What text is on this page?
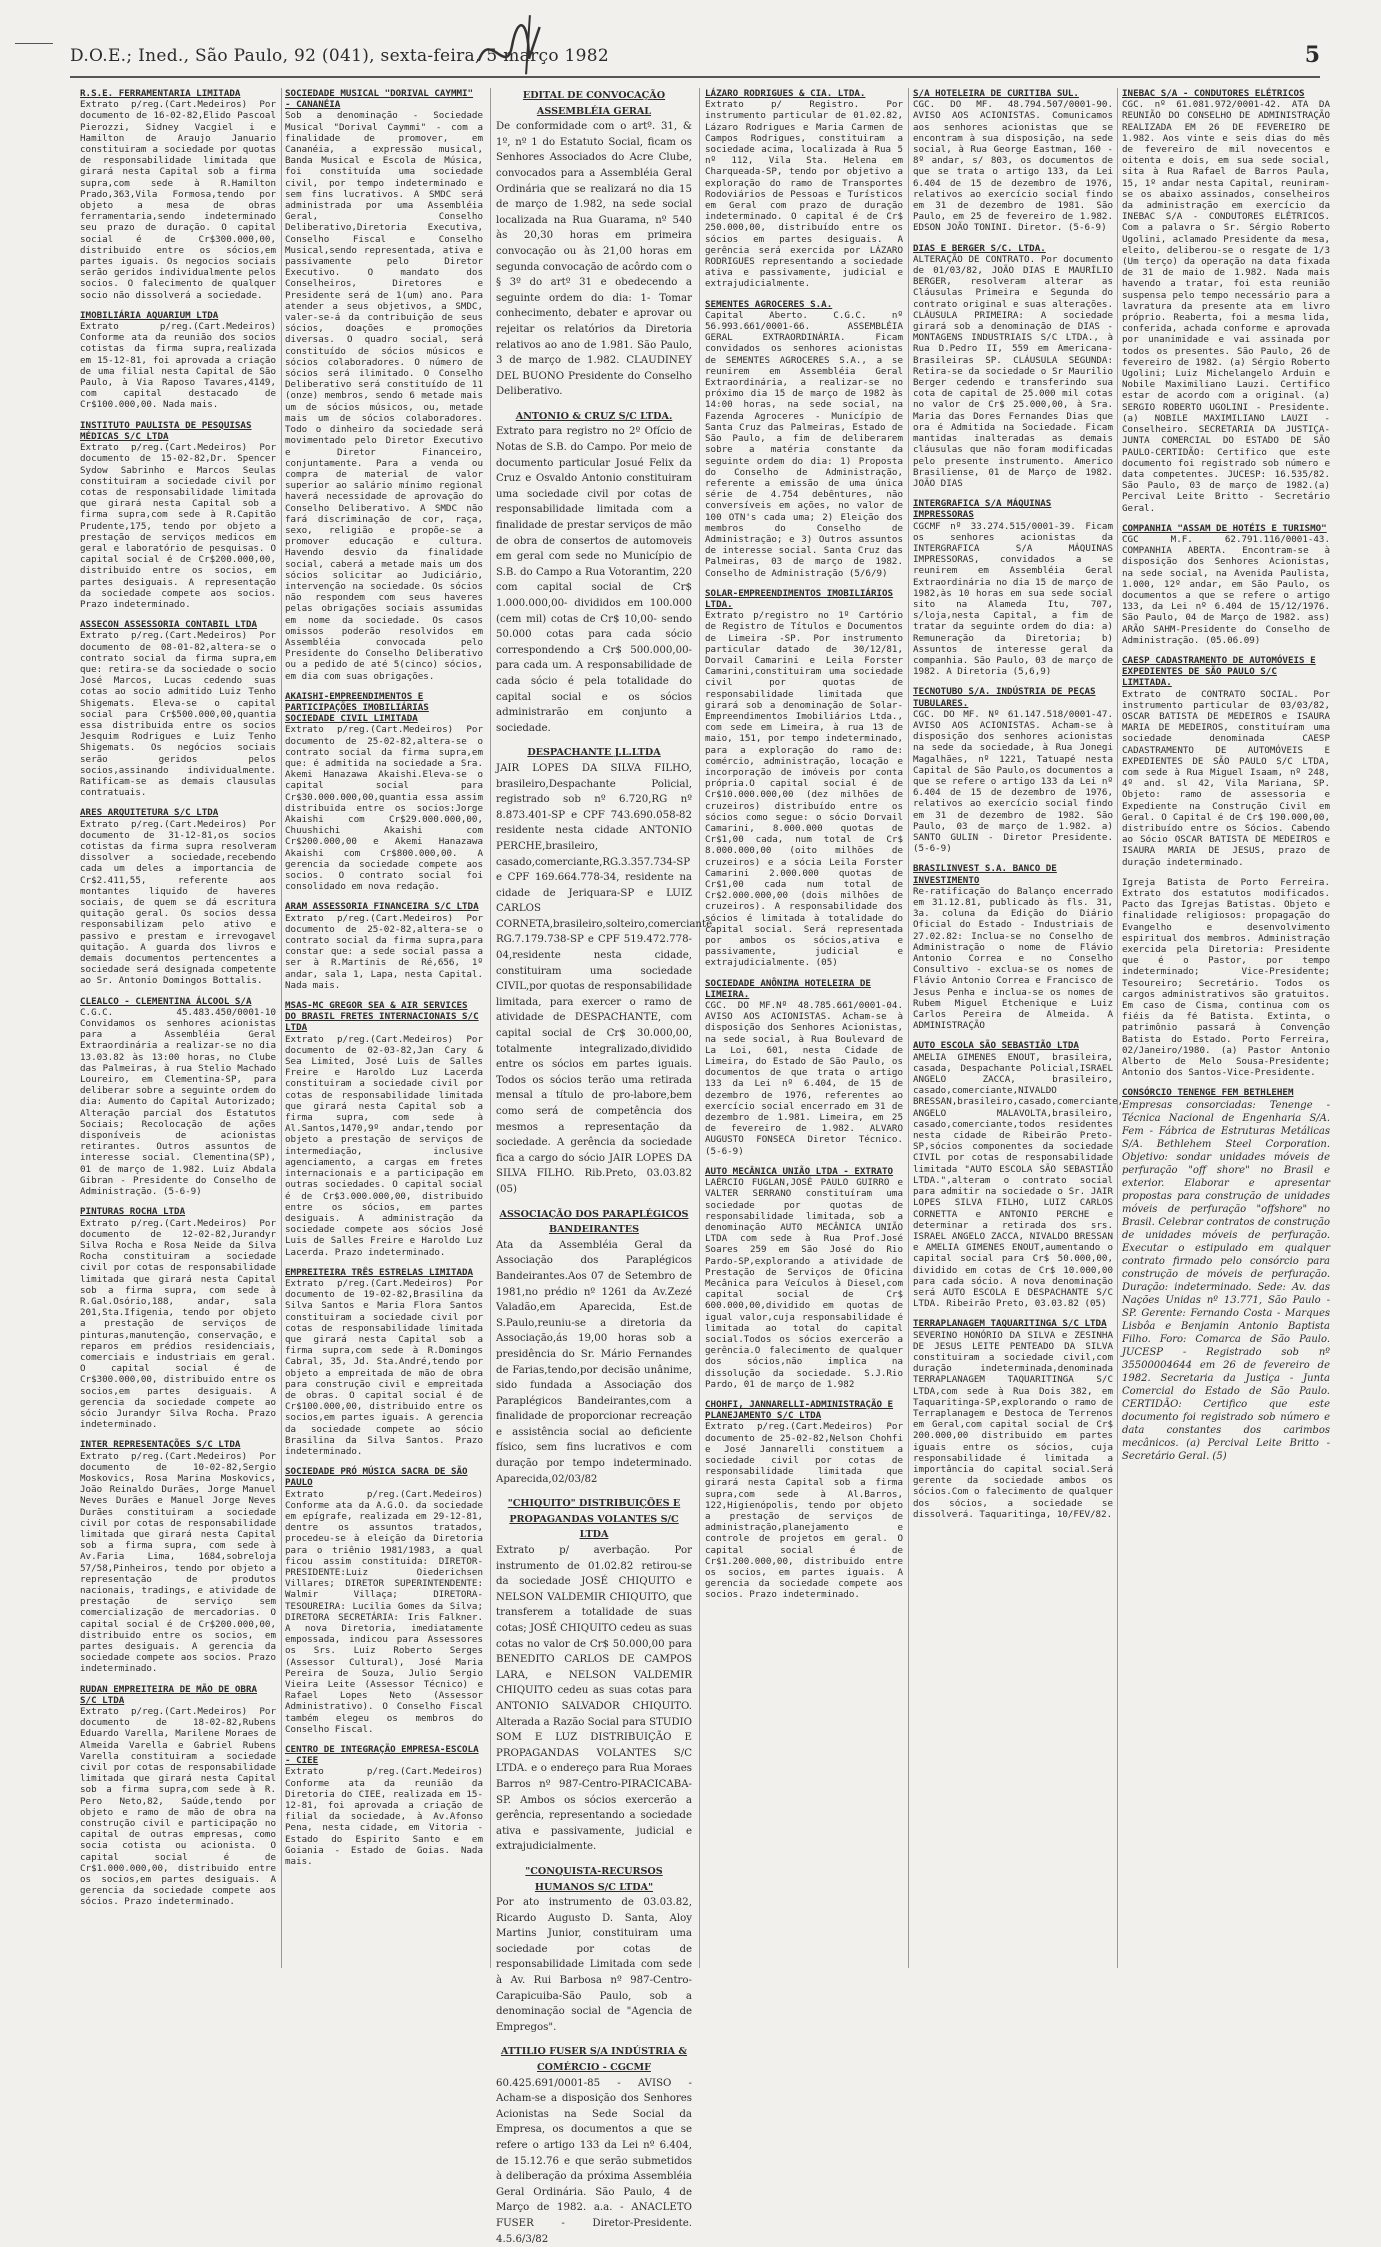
D.O.E.; Ined., São Paulo, 92 (041), sexta-feira, 5 março 1982	5
R.S.E. FERRAMENTARIA LIMITADA
Extrato p/reg.(Cart.Medeiros) Por documento de 16-02-82,Elido Pascoal Pierozzi, Sidney Vacgiel i e Hamilton de Araujo Januario constituiram a sociedade por quotas de responsabilidade limitada que girará nesta Capital sob a firma supra,com sede à R.Hamilton Prado,363,Vila Formosa,tendo por objeto a mesa de obras ferramentaria,sendo indeterminado seu prazo de duração. O capital social é de Cr$300.000,00, distribuido entre os sócios,em partes iguais. Os negocios sociais serão geridos individualmente pelos socios. O falecimento de qualquer socio não dissolverá a sociedade.
IMOBILIÁRIA AQUARIUM LTDA
Extrato p/reg.(Cart.Medeiros) Conforme ata da reunião dos socios cotistas da firma supra,realizada em 15-12-81, foi aprovada a criação de uma filial nesta Capital de São Paulo, à Via Raposo Tavares,4149, com capital destacado de Cr$100.000,00. Nada mais.
INSTITUTO PAULISTA DE PESQUISAS MÉDICAS S/C LTDA
Extrato p/reg.(Cart.Medeiros) Por documento de 15-02-82,Dr. Spencer Sydow Sabrinho e Marcos Seulas constituiram a sociedade civil por cotas de responsabilidade limitada que girará nesta Capital sob a firma supra,com sede à R.Capitão Prudente,175, tendo por objeto a prestação de serviços medicos em geral e laboratório de pesquisas. O capital social é de Cr$200.000,00, distribuido entre os socios, em partes desiguais. A representação da sociedade compete aos socios. Prazo indeterminado.
ASSECON ASSESSORIA CONTABIL LTDA
Extrato p/reg.(Cart.Medeiros) Por documento de 08-01-82,altera-se o contrato social da firma supra,em que: retira-se da sociedade o socio José Marcos, Lucas cedendo suas cotas ao socio admitido Luiz Tenho Shigemats. Eleva-se o capital social para Cr$500.000,00,quantia essa distribuida entre os socios Jesquim Rodrigues e Luiz Tenho Shigemats. Os negócios sociais serão geridos pelos socios,assinando individualmente. Ratificam-se as demais clausulas contratuais.
ARES ARQUITETURA S/C LTDA
Extrato p/reg.(Cart.Medeiros) Por documento de 31-12-81,os socios cotistas da firma supra resolveram dissolver a sociedade,recebendo cada um deles a importancia de Cr$2.411,55, referente aos montantes liquido de haveres sociais, de quem se dá escritura quitação geral. Os socios dessa responsabilizam pelo ativo e passivo e prestam e irrevogavel quitação. A guarda dos livros e demais documentos pertencentes a sociedade será designada competente ao Sr. Antonio Domingos Bottalis.
CLEALCO - CLEMENTINA ÁLCOOL S/A
C.G.C. 45.483.450/0001-10 Convidamos os senhores acionistas para a Assembléia Geral Extraordinária a realizar-se no dia 13.03.82 às 13:00 horas, no Clube das Palmeiras, à rua Stelio Machado Loureiro, em Clementina-SP, para deliberar sobre a seguinte ordem do dia: Aumento do Capital Autorizado; Alteração parcial dos Estatutos Sociais; Recolocação de ações disponíveis de acionistas retirantes. Outros assuntos de interesse social. Clementina(SP), 01 de março de 1.982. Luiz Abdala Gibran - Presidente do Conselho de Administração. (5-6-9)
PINTURAS ROCHA LTDA
Extrato p/reg.(Cart.Medeiros) Por documento de 12-02-82,Jurandyr Silva Rocha e Rosa Neide da Silva Rocha constituiram a sociedade civil por cotas de responsabilidade limitada que girará nesta Capital sob a firma supra, com sede à R.Gal.Osório,188, andar, sala 201,Sta.Ifigenia, tendo por objeto a prestação de serviços de pinturas,manutenção, conservação, e reparos em prédios residenciais, comerciais e industriais em geral. O capital social é de Cr$300.000,00, distribuido entre os socios,em partes desiguais. A gerencia da sociedade compete ao sócio Jurandyr Silva Rocha. Prazo indeterminado.
INTER REPRESENTAÇÕES S/C LTDA
Extrato p/reg.(Cart.Medeiros) Por documento de 10-02-82,Sergio Moskovics, Rosa Marina Moskovics, João Reinaldo Durães, Jorge Manuel Neves Durães e Manuel Jorge Neves Durães constituiram a sociedade civil por cotas de responsabilidade limitada que girará nesta Capital sob a firma supra, com sede à Av.Faria Lima, 1684,sobreloja 57/58,Pinheiros, tendo por objeto a representação de produtos nacionais, tradings, e atividade de prestação de serviço sem comercialização de mercadorias. O capital social é de Cr$200.000,00, distribuido entre os socios, em partes desiguais. A gerencia da sociedade compete aos socios. Prazo indeterminado.
RUDAN EMPREITEIRA DE MÃO DE OBRA S/C LTDA
Extrato p/reg.(Cart.Medeiros) Por documento de 18-02-82,Rubens Eduardo Varella, Marilene Moraes de Almeida Varella e Gabriel Rubens Varella constituiram a sociedade civil por cotas de responsabilidade limitada que girará nesta Capital sob a firma supra,com sede à R. Pero Neto,82, Saúde,tendo por objeto e ramo de mão de obra na construção civil e participação no capital de outras empresas, como socia cotista ou acionista. O capital social é de Cr$1.000.000,00, distribuido entre os socios,em partes desiguais. A gerencia da sociedade compete aos sócios. Prazo indeterminado.
SOCIEDADE MUSICAL "DORIVAL CAYMMI" - CANANÉIA
Sob a denominação - Sociedade Musical "Dorival Caymmi" - com a finalidade de promover, em Cananéia, a expressão musical, Banda Musical e Escola de Música, foi constituída uma sociedade civil, por tempo indeterminado e sem fins lucrativos. A SMDC será administrada por uma Assembléia Geral, Conselho Deliberativo,Diretoria Executiva, Conselho Fiscal e Conselho Musical,sendo representada, ativa e passivamente pelo Diretor Executivo. O mandato dos Conselheiros, Diretores e Presidente será de 1(um) ano. Para atender a seus objetivos, a SMDC, valer-se-á da contribuição de seus sócios, doações e promoções diversas. O quadro social, será constituído de sócios músicos e sócios colaboradores. O número de sócios será ilimitado. O Conselho Deliberativo será constituído de 11 (onze) membros, sendo 6 metade mais um de sócios músicos, ou, metade mais um de sócios colaboradores. Todo o dinheiro da sociedade será movimentado pelo Diretor Executivo e Diretor Financeiro, conjuntamente. Para a venda ou compra de material de valor superior ao salário mínimo regional haverá necessidade de aprovação do Conselho Deliberativo. A SMDC não fará discriminação de cor, raça, sexo, religião e propõe-se a promover educação e cultura. Havendo desvio da finalidade social, caberá a metade mais um dos sócios solicitar ao Judiciário, intervenção na sociedade. Os sócios não respondem com seus haveres pelas obrigações sociais assumidas em nome da sociedade. Os casos omissos poderão resolvidos em Assembléia convocada pelo Presidente do Conselho Deliberativo ou a pedido de até 5(cinco) sócios, em dia com suas obrigações.
AKAISHI-EMPREENDIMENTOS E PARTICIPAÇÕES IMOBILIÁRIAS SOCIEDADE CIVIL LIMITADA
Extrato p/reg.(Cart.Medeiros) Por documento de 25-02-82,altera-se o contrato social da firma supra,em que: é admitida na sociedade a Sra. Akemi Hanazawa Akaishi.Eleva-se o capital social para Cr$30.000.000,00,quantia essa assim distribuida entre os socios:Jorge Akaishi com Cr$29.000.000,00, Chuushichi Akaishi com Cr$200.000,00 e Akemi Hanazawa Akaishi com Cr$800.000,00. A gerencia da sociedade compete aos socios. O contrato social foi consolidado em nova redação.
ARAM ASSESSORIA FINANCEIRA S/C LTDA
Extrato p/reg.(Cart.Medeiros) Por documento de 25-02-82,altera-se o contrato social da firma supra,para constar que: a sede social passa a ser à R.Martinis de Ré,656, 1º andar, sala 1, Lapa, nesta Capital. Nada mais.
MSAS-MC GREGOR SEA & AIR SERVICES DO BRASIL FRETES INTERNACIONAIS S/C LTDA
Extrato p/reg.(Cart.Medeiros) Por documento de 02-03-82,Jan Cary & Sea Limited, José Luis de Salles Freire e Haroldo Luz Lacerda constituiram a sociedade civil por cotas de responsabilidade limitada que girará nesta Capital sob a firma supra, com sede à Al.Santos,1470,9º andar,tendo por objeto a prestação de serviços de intermediação, inclusive agenciamento, a cargas em fretes internacionais e a participação em outras sociedades. O capital social é de Cr$3.000.000,00, distribuido entre os sócios, em partes desiguais. A administração da sociedade compete aos sócios José Luis de Salles Freire e Haroldo Luz Lacerda. Prazo indeterminado.
EMPREITEIRA TRÊS ESTRELAS LIMITADA
Extrato p/reg.(Cart.Medeiros) Por documento de 19-02-82,Brasilina da Silva Santos e Maria Flora Santos constituiram a sociedade civil por cotas de responsabilidade limitada que girará nesta Capital sob a firma supra,com sede à R.Domingos Cabral, 35, Jd. Sta.André,tendo por objeto a empreitada de mão de obra para construção civil e empreitada de obras. O capital social é de Cr$100.000,00, distribuido entre os socios,em partes iguais. A gerencia da sociedade compete ao sócio Brasilina da Silva Santos. Prazo indeterminado.
SOCIEDADE PRÓ MÚSICA SACRA DE SÃO PAULO
Extrato p/reg.(Cart.Medeiros) Conforme ata da A.G.O. da sociedade em epígrafe, realizada em 29-12-81, dentre os assuntos tratados, procedeu-se à eleição da Diretoria para o triênio 1981/1983, a qual ficou assim constituida: DIRETOR-PRESIDENTE:Luiz Oiederichsen Villares; DIRETOR SUPERINTENDENTE: Walmir Villaça; DIRETORA-TESOUREIRA: Lucilia Gomes da Silva; DIRETORA SECRETÁRIA: Iris Falkner. A nova Diretoria, imediatamente empossada, indicou para Assessores os Srs. Luiz Roberto Serges (Assessor Cultural), José Maria Pereira de Souza, Julio Sergio Vieira Leite (Assessor Técnico) e Rafael Lopes Neto (Assessor Administrativo). O Conselho Fiscal também elegeu os membros do Conselho Fiscal.
CENTRO DE INTEGRAÇÃO EMPRESA-ESCOLA - CIEE
Extrato p/reg.(Cart.Medeiros) Conforme ata da reunião da Diretoria do CIEE, realizada em 15-12-81, foi aprovada a criação de filial da sociedade, à Av.Afonso Pena, nesta cidade, em Vitoria - Estado do Espirito Santo e em Goiania - Estado de Goias. Nada mais.
EDITAL DE CONVOCAÇÃO ASSEMBLÉIA GERAL
De conformidade com o artº. 31, & 1º, nº 1 do Estatuto Social, ficam os Senhores Associados do Acre Clube, convocados para a Assembléia Geral Ordinária que se realizará no dia 15 de março de 1.982, na sede social localizada na Rua Guarama, nº 540 às 20,30 horas em primeira convocação ou às 21,00 horas em segunda convocação de acôrdo com o § 3º do artº 31 e obedecendo a seguinte ordem do dia: 1- Tomar conhecimento, debater e aprovar ou rejeitar os relatórios da Diretoria relativos ao ano de 1.981. São Paulo, 3 de março de 1.982. CLAUDINEY DEL BUONO Presidente do Conselho Deliberativo.
ANTONIO & CRUZ S/C LTDA.
Extrato para registro no 2º Ofício de Notas de S.B. do Campo. Por meio de documento particular Josué Felix da Cruz e Osvaldo Antonio constituiram uma sociedade civil por cotas de responsabilidade limitada com a finalidade de prestar serviços de mão de obra de consertos de automoveis em geral com sede no Município de S.B. do Campo a Rua Votorantim, 220 com capital social de Cr$ 1.000.000,00- divididos em 100.000 (cem mil) cotas de Cr$ 10,00- sendo 50.000 cotas para cada sócio correspondendo a Cr$ 500.000,00- para cada um. A responsabilidade de cada sócio é pela totalidade do capital social e os sócios administrarão em conjunto a sociedade.
DESPACHANTE J.L.LTDA
JAIR LOPES DA SILVA FILHO, brasileiro,Despachante Policial, registrado sob nº 6.720,RG nº 8.873.401-SP e CPF 743.690.058-82 residente nesta cidade ANTONIO PERCHE,brasileiro, casado,comerciante,RG.3.357.734-SP e CPF 169.664.778-34, residente na cidade de Jeriquara-SP e LUIZ CARLOS CORNETA,brasileiro,solteiro,comerciante RG.7.179.738-SP e CPF 519.472.778-04,residente nesta cidade, constituiram uma sociedade CIVIL,por quotas de responsabilidade limitada, para exercer o ramo de atividade de DESPACHANTE, com capital social de Cr$ 30.000,00, totalmente integralizado,dividido entre os sócios em partes iguais. Todos os sócios terão uma retirada mensal a título de pro-labore,bem como será de competência dos mesmos a representação da sociedade. A gerência da sociedade fica a cargo do sócio JAIR LOPES DA SILVA FILHO. Rib.Preto, 03.03.82 (05)
ASSOCIAÇÃO DOS PARAPLÉGICOS BANDEIRANTES
Ata da Assembléia Geral da Associação dos Paraplégicos Bandeirantes.Aos 07 de Setembro de 1981,no prédio nº 1261 da Av.Zezé Valadão,em Aparecida, Est.de S.Paulo,reuniu-se a diretoria da Associação,ás 19,00 horas sob a presidência do Sr. Mário Fernandes de Farias,tendo,por decisão unânime, sido fundada a Associação dos Paraplégicos Bandeirantes,com a finalidade de proporcionar recreação e assistência social ao deficiente físico, sem fins lucrativos e com duração por tempo indeterminado. Aparecida,02/03/82
"CHIQUITO" DISTRIBUIÇÕES E PROPAGANDAS VOLANTES S/C LTDA
Extrato p/ averbação. Por instrumento de 01.02.82 retirou-se da sociedade JOSÉ CHIQUITO e NELSON VALDEMIR CHIQUITO, que transferem a totalidade de suas cotas; JOSÉ CHIQUITO cedeu as suas cotas no valor de Cr$ 50.000,00 para BENEDITO CARLOS DE CAMPOS LARA, e NELSON VALDEMIR CHIQUITO cedeu as suas cotas para ANTONIO SALVADOR CHIQUITO. Alterada a Razão Social para STUDIO SOM E LUZ DISTRIBUIÇÃO E PROPAGANDAS VOLANTES S/C LTDA. e o endereço para Rua Moraes Barros nº 987-Centro-PIRACICABA-SP. Ambos os sócios exercerão a gerência, representando a sociedade ativa e passivamente, judicial e extrajudicialmente.
"CONQUISTA-RECURSOS HUMANOS S/C LTDA"
Por ato instrumento de 03.03.82, Ricardo Augusto D. Santa, Aloy Martins Junior, constituiram uma sociedade por cotas de responsabilidade Limitada com sede à Av. Rui Barbosa nº 987-Centro-Carapicuiba-São Paulo, sob a denominação social de "Agencia de Empregos".
ATTILIO FUSER S/A INDÚSTRIA & COMÉRCIO - CGCMF
60.425.691/0001-85 - AVISO - Acham-se a disposição dos Senhores Acionistas na Sede Social da Empresa, os documentos a que se refere o artigo 133 da Lei nº 6.404, de 15.12.76 e que serão submetidos à deliberação da próxima Assembléia Geral Ordinária. São Paulo, 4 de Março de 1982. a.a. - ANACLETO FUSER - Diretor-Presidente. 4.5.6/3/82
LÁZARO RODRIGUES & CIA. LTDA.
Extrato p/ Registro. Por instrumento particular de 01.02.82, Lázaro Rodrigues e Maria Carmen de Campos Rodrigues, constituiram a sociedade acima, localizada à Rua 5 nº 112, Vila Sta. Helena em Charqueada-SP, tendo por objetivo a exploração do ramo de Transportes Rodoviários de Pessoas e Turísticos em Geral com prazo de duração indeterminado. O capital é de Cr$ 250.000,00, distribuído entre os sócios em partes desiguais. A gerência será exercida por LÁZARO RODRIGUES representando a sociedade ativa e passivamente, judicial e extrajudicialmente.
SEMENTES AGROCERES S.A.
Capital Aberto. C.G.C. nº 56.993.661/0001-66. ASSEMBLÉIA GERAL EXTRAORDINÁRIA. Ficam convidados os senhores acionistas de SEMENTES AGROCERES S.A., a se reunirem em Assembléia Geral Extraordinária, a realizar-se no próximo dia 15 de março de 1982 às 14:00 horas, na sede social, na Fazenda Agroceres - Município de Santa Cruz das Palmeiras, Estado de São Paulo, a fim de deliberarem sobre a matéria constante da seguinte ordem do dia: 1) Proposta do Conselho de Administração, referente a emissão de uma única série de 4.754 debêntures, não conversíveis em ações, no valor de 100 OTN's cada uma; 2) Eleição dos membros do Conselho de Administração; e 3) Outros assuntos de interesse social. Santa Cruz das Palmeiras, 03 de março de 1982. Conselho de Administração (5/6/9)
SOLAR-EMPREENDIMENTOS IMOBILIÁRIOS LTDA.
Extrato p/registro no 1º Cartório de Registro de Títulos e Documentos de Limeira -SP. Por instrumento particular datado de 30/12/81, Dorvail Camarini e Leila Forster Camarini,constituiram uma sociedade civil por quotas de responsabilidade limitada que girará sob a denominação de Solar-Empreendimentos Imobiliários Ltda., com sede em Limeira, à rua 13 de maio, 151, por tempo indeterminado, para a exploração do ramo de: comércio, administração, locação e incorporação de imóveis por conta própria.O capital social é de Cr$10.000.000,00 (dez milhões de cruzeiros) distribuído entre os sócios como segue: o sócio Dorvail Camarini, 8.000.000 quotas de Cr$1,00 cada, num total de Cr$ 8.000.000,00 (oito milhões de cruzeiros) e a sócia Leila Forster Camarini 2.000.000 quotas de Cr$1,00 cada num total de Cr$2.000.000,00 (dois milhões de cruzeiros). A responsabilidade dos sócios é limitada à totalidade do capital social. Será representada por ambos os sócios,ativa e passivamente, judicial e extrajudicialmente. (05)
SOCIEDADE ANÔNIMA HOTELEIRA DE LIMEIRA.
CGC. DO MF.Nº 48.785.661/0001-04. AVISO AOS ACIONISTAS. Acham-se à disposição dos Senhores Acionistas, na sede social, à Rua Boulevard de La Loi, 601, nesta Cidade de Limeira, do Estado de São Paulo, os documentos de que trata o artigo 133 da Lei nº 6.404, de 15 de dezembro de 1976, referentes ao exercício social encerrado em 31 de dezembro de 1.981. Limeira, em 25 de fevereiro de 1.982. ALVARO AUGUSTO FONSECA Diretor Técnico. (5-6-9)
AUTO MECÂNICA UNIÃO LTDA - EXTRATO
LAÉRCIO FUGLAN,JOSÉ PAULO GUIRRO e VALTER SERRANO constituíram uma sociedade por quotas de responsabilidade limitada, sob a denominação AUTO MECÂNICA UNIÃO LTDA com sede à Rua Prof.José Soares 259 em São José do Rio Pardo-SP,explorando a atividade de Prestação de Serviços de Oficina Mecânica para Veículos à Diesel,com capital social de Cr$ 600.000,00,dividido em quotas de igual valor,cuja responsabilidade é limitada ao total do capital social.Todos os sócios exercerão a gerência.O falecimento de qualquer dos sócios,não implica na dissolução da sociedade. S.J.Rio Pardo, 01 de março de 1.982
CHOHFI, JANNARELLI-ADMINISTRAÇÃO E PLANEJAMENTO S/C LTDA
Extrato p/reg.(Cart.Medeiros) Por documento de 25-02-82,Nelson Chohfi e José Jannarelli constituem a sociedade civil por cotas de responsabilidade limitada que girará nesta Capital sob a firma supra,com sede à Al.Barros, 122,Higienópolis, tendo por objeto a prestação de serviços de administração,planejamento e controle de projetos em geral. O capital social é de Cr$1.200.000,00, distribuido entre os socios, em partes iguais. A gerencia da sociedade compete aos socios. Prazo indeterminado.
S/A HOTELEIRA DE CURITIBA SUL.
CGC. DO MF. 48.794.507/0001-90. AVISO AOS ACIONISTAS. Comunicamos aos senhores acionistas que se encontram à sua disposição, na sede social, à Rua George Eastman, 160 - 8º andar, s/ 803, os documentos de que se trata o artigo 133, da Lei 6.404 de 15 de dezembro de 1976, relativos ao exercício social findo em 31 de dezembro de 1981. São Paulo, em 25 de fevereiro de 1.982. EDSON JOÃO TONINI. Diretor. (5-6-9)
DIAS E BERGER S/C. LTDA.
ALTERAÇÃO DE CONTRATO. Por documento de 01/03/82, JOÃO DIAS E MAURÍLIO BERGER, resolveram alterar as Cláusulas Primeira e Segunda do contrato original e suas alterações. CLÁUSULA PRIMEIRA: A sociedade girará sob a denominação de DIAS - MONTAGENS INDUSTRIAIS S/C LTDA., à Rua D.Pedro II, 559 em Americana-Brasileiras SP. CLÁUSULA SEGUNDA: Retira-se da sociedade o Sr Maurilio Berger cedendo e transferindo sua cota de capital de 25.000 mil cotas no valor de Cr$ 25.000,00, à Sra. Maria das Dores Fernandes Dias que ora é Admitida na Sociedade. Ficam mantidas inalteradas as demais cláusulas que não foram modificadas pelo presente instrumento. Americo Brasiliense, 01 de Março de 1982. JOÃO DIAS
INTERGRAFICA S/A MÁQUINAS IMPRESSORAS
CGCMF nº 33.274.515/0001-39. Ficam os senhores acionistas da INTERGRAFICA S/A MÁQUINAS IMPRESSORAS, convidados a se reunirem em Assembléia Geral Extraordinária no dia 15 de março de 1982,às 10 horas em sua sede social sito na Alameda Itu, 707, s/loja,nesta Capital, a fim de tratar da seguinte ordem do dia: a) Remuneração da Diretoria; b) Assuntos de interesse geral da companhia. São Paulo, 03 de março de 1982. A Diretoria (5,6,9)
TECNOTUBO S/A. INDÚSTRIA DE PEÇAS TUBULARES.
CGC. DO MF. Nº 61.147.518/0001-47. AVISO AOS ACIONISTAS. Acham-se à disposição dos senhores acionistas na sede da sociedade, à Rua Jonegi Magalhães, nº 1221, Tatuapé nesta Capital de São Paulo,os documentos a que se refere o artigo 133 da Lei nº 6.404 de 15 de dezembro de 1976, relativos ao exercício social findo em 31 de dezembro de 1982. São Paulo, 03 de março de 1.982. a) SANTO GULIN - Diretor Presidente. (5-6-9)
BRASILINVEST S.A. BANCO DE INVESTIMENTO
Re-ratificação do Balanço encerrado em 31.12.81, publicado às fls. 31, 3a. coluna da Edição do Diário Oficial do Estado - Industriais de 27.02.82: Inclua-se no Conselho de Administração o nome de Flávio Antonio Correa e no Conselho Consultivo - exclua-se os nomes de Flávio Antonio Correa e Francisco de Jesus Penha e inclua-se os nomes de Rubem Miguel Etchenique e Luiz Carlos Pereira de Almeida. A ADMINISTRAÇÃO
AUTO ESCOLA SÃO SEBASTIÃO LTDA
AMELIA GIMENES ENOUT, brasileira, casada, Despachante Policial,ISRAEL ANGELO ZACCA, brasileiro, casado,comerciante,NIVALDO BRESSAN,brasileiro,casado,comerciante, ANGELO MALAVOLTA,brasileiro, casado,comerciante,todos residentes nesta cidade de Ribeirão Preto-SP,sócios componentes da sociedade CIVIL por cotas de responsabilidade limitada "AUTO ESCOLA SÃO SEBASTIÃO LTDA.",alteram o contrato social para admitir na sociedade o Sr. JAIR LOPES SILVA FILHO, LUIZ CARLOS CORNETTA e ANTONIO PERCHE e determinar a retirada dos srs. ISRAEL ANGELO ZACCA, NIVALDO BRESSAN e AMELIA GIMENES ENOUT,aumentando o capital social para Cr$ 50.000,00, dividido em cotas de Cr$ 10.000,00 para cada sócio. A nova denominação será AUTO ESCOLA E DESPACHANTE S/C LTDA. Ribeirão Preto, 03.03.82 (05)
TERRAPLANAGEM TAQUARITINGA S/C LTDA
SEVERINO HONÓRIO DA SILVA e ZESINHA DE JESUS LEITE PENTEADO DA SILVA constituiram a sociedade civil,com duração indeterminada,denominada TERRAPLANAGEM TAQUARITINGA S/C LTDA,com sede à Rua Dois 382, em Taquaritinga-SP,explorando o ramo de Terraplanagem e Destoca de Terrenos em Geral,com capital social de Cr$ 200.000,00 distribuido em partes iguais entre os sócios, cuja responsabilidade é limitada a importância do capital social.Será gerente da sociedade ambos os sócios.Com o falecimento de qualquer dos sócios, a sociedade se dissolverá. Taquaritinga, 10/FEV/82.
INEBAC S/A - CONDUTORES ELÉTRICOS
CGC. nº 61.081.972/0001-42. ATA DA REUNIÃO DO CONSELHO DE ADMINISTRAÇÃO REALIZADA EM 26 DE FEVEREIRO DE 1.982. Aos vinte e seis dias do mês de fevereiro de mil novecentos e oitenta e dois, em sua sede social, sita à Rua Rafael de Barros Paula, 15, 1º andar nesta Capital, reuniram-se os abaixo assinados, conselheiros da administração em exercício da INEBAC S/A - CONDUTORES ELÉTRICOS. Com a palavra o Sr. Sérgio Roberto Ugolini, aclamado Presidente da mesa, eleito, deliberou-se o resgate de 1/3 (Um terço) da operação na data fixada de 31 de maio de 1.982. Nada mais havendo a tratar, foi esta reunião suspensa pelo tempo necessário para a lavratura da presente ata em livro próprio. Reaberta, foi a mesma lida, conferida, achada conforme e aprovada por unanimidade e vai assinada por todos os presentes. São Paulo, 26 de fevereiro de 1982. (a) Sérgio Roberto Ugolini; Luiz Michelangelo Arduin e Nobile Maximiliano Lauzi. Certifico estar de acordo com a original. (a) SERGIO ROBERTO UGOLINI - Presidente. (a) NOBILE MAXIMILIANO LAUZI - Conselheiro. SECRETARIA DA JUSTIÇA-JUNTA COMERCIAL DO ESTADO DE SÃO PAULO-CERTIDÃO: Certifico que este documento foi registrado sob número e data competentes. JUCESP: 16.535/82. São Paulo, 03 de março de 1982.(a) Percival Leite Britto - Secretário Geral.
COMPANHIA "ASSAM DE HOTÉIS E TURISMO"
CGC M.F. 62.791.116/0001-43. COMPANHIA ABERTA. Encontram-se à disposição dos Senhores Acionistas, na sede social, na Avenida Paulista, 1.000, 12º andar, em São Paulo, os documentos a que se refere o artigo 133, da Lei nº 6.404 de 15/12/1976. São Paulo, 04 de Março de 1982. ass) ARÃO SAHM-Presidente do Conselho de Administração. (05.06.09)
CAESP CADASTRAMENTO DE AUTOMÓVEIS E EXPEDIENTES DE SÃO PAULO S/C LIMITADA.
Extrato de CONTRATO SOCIAL. Por instrumento particular de 03/03/82, OSCAR BATISTA DE MEDEIROS e ISAURA MARIA DE MEDEIROS, constituíram uma sociedade denominada CAESP CADASTRAMENTO DE AUTOMÓVEIS E EXPEDIENTES DE SÃO PAULO S/C LTDA, com sede à Rua Miguel Isaam, nº 248, 4º and. sl 42, Vila Mariana, SP. Objeto: ramo de assessoria e Expediente na Construção Civil em Geral. O Capital é de Cr$ 190.000,00, distribuído entre os Sócios. Cabendo ao Sócio OSCAR BATISTA DE MEDEIROS e ISAURA MARIA DE JESUS, prazo de duração indeterminado.
Igreja Batista de Porto Ferreira. Extrato dos estatutos modificados. Pacto das Igrejas Batistas. Objeto e finalidade religiosos: propagação do Evangelho e desenvolvimento espiritual dos membros. Administração exercida pela Diretoria: Presidente que é o Pastor, por tempo indeterminado; Vice-Presidente; Tesoureiro; Secretário. Todos os cargos administrativos são gratuitos. Em caso de Cisma, continua com os fiéis da fé Batista. Extinta, o patrimônio passará à Convenção Batista do Estado. Porto Ferreira, 02/Janeiro/1980. (a) Pastor Antonio Alberto de Melo Sousa-Presidente; Antonio dos Santos-Vice-Presidente.
CONSÓRCIO TENENGE FEM BETHLEHEM
Empresas consorciadas: Tenenge - Técnica Nacional de Engenharia S/A. Fem - Fábrica de Estruturas Metálicas S/A. Bethlehem Steel Corporation. Objetivo: sondar unidades móveis de perfuração "off shore" no Brasil e exterior. Elaborar e apresentar propostas para construção de unidades móveis de perfuração "offshore" no Brasil. Celebrar contratos de construção de unidades móveis de perfuração. Executar o estipulado em qualquer contrato firmado pelo consórcio para construção de móveis de perfuração. Duração: indeterminado. Sede: Av. das Nações Unidas nº 13.771, São Paulo - SP. Gerente: Fernando Costa - Marques Lisbôa e Benjamin Antonio Baptista Filho. Foro: Comarca de São Paulo. JUCESP - Registrado sob nº 35500004644 em 26 de fevereiro de 1982. Secretaria da Justiça - Junta Comercial do Estado de São Paulo. CERTIDÃO: Certifico que este documento foi registrado sob número e data constantes dos carimbos mecânicos. (a) Percival Leite Britto - Secretário Geral. (5)
